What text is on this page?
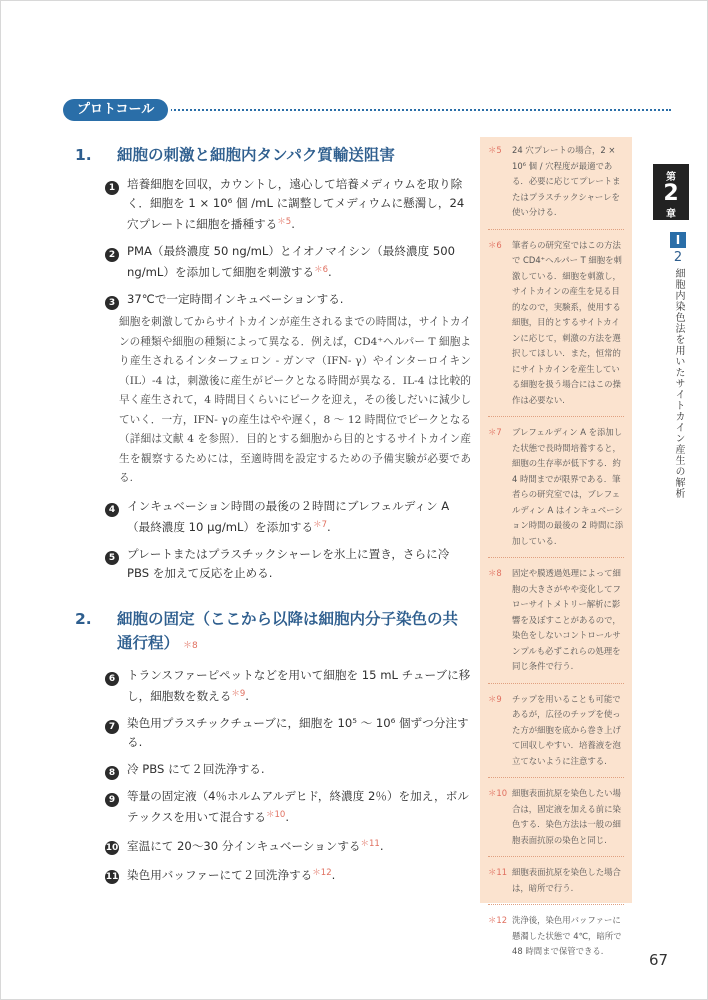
プロトコール
1.	細胞の刺激と細胞内タンパク質輸送阻害
1	培養細胞を回収，カウントし，遠心して培養メディウムを取り除く．細胞を 1 × 10⁶ 個 /mL に調整してメディウムに懸濁し，24 穴プレートに細胞を播種する$^{*5}$.
2	PMA（最終濃度 50 ng/mL）とイオノマイシン（最終濃度 500 ng/mL）を添加して細胞を刺激する$^{*6}$.
3	37℃で一定時間インキュベーションする.
細胞を刺激してからサイトカインが産生されるまでの時間は，サイトカインの種類や細胞の種類によって異なる．例えば，CD4⁺ヘルパー T 細胞より産生されるインターフェロン - ガンマ（IFN- γ）やインターロイキン（IL）-4 は，刺激後に産生がピークとなる時間が異なる．IL-4 は比較的早く産生されて，4 時間目くらいにピークを迎え，その後しだいに減少していく．一方，IFN- γの産生はやや遅く，8 ～ 12 時間位でピークとなる（詳細は文献 4 を参照）．目的とする細胞から目的とするサイトカイン産生を観察するためには，至適時間を設定するための予備実験が必要である.
4	インキュベーション時間の最後の２時間にブレフェルディン A（最終濃度 10 µg/mL）を添加する$^{*7}$.
5	プレートまたはプラスチックシャーレを氷上に置き，さらに冷 PBS を加えて反応を止める.
2.	細胞の固定（ここから以降は細胞内分子染色の共通行程） ＊8
6	トランスファーピペットなどを用いて細胞を 15 mL チューブに移し，細胞数を数える$^{*9}$.
7	染色用プラスチックチューブに，細胞を 10⁵ ～ 10⁶ 個ずつ分注する.
8	冷 PBS にて２回洗浄する.
9	等量の固定液（4％ホルムアルデヒド，終濃度 2％）を加え，ボルテックスを用いて混合する$^{*10}$.
10 室温にて 20～30 分インキュベーションする$^{*11}$.
11 染色用バッファーにて２回洗浄する$^{*12}$.
＊5	24 穴プレートの場合，2 × 10⁶ 個 / 穴程度が最適である．必要に応じてプレートまたはプラスチックシャーレを使い分ける.
＊6	筆者らの研究室ではこの方法で CD4⁺ヘルパー T 細胞を刺激している．細胞を刺激し，サイトカインの産生を見る目的なので，実験系，使用する細胞，目的とするサイトカインに応じて，刺激の方法を選択してほしい．また，恒常的にサイトカインを産生している細胞を扱う場合にはこの操作は必要ない.
＊7	ブレフェルディン A を添加した状態で長時間培養すると，細胞の生存率が低下する．約 4 時間までが限界である．筆者らの研究室では，ブレフェルディン A はインキュベーション時間の最後の 2 時間に添加している.
＊8	固定や膜透過処理によって細胞の大きさがやや変化してフローサイトメトリー解析に影響を及ぼすことがあるので，染色をしないコントロールサンプルも必ずこれらの処理を同じ条件で行う.
＊9	チップを用いることも可能であるが，広径のチップを使った方が細胞を底から巻き上げて回収しやすい．培養液を泡立てないように注意する.
＊10 細胞表面抗原を染色したい場合は，固定液を加える前に染色する．染色方法は一般の細胞表面抗原の染色と同じ.
＊11 細胞表面抗原を染色した場合は，暗所で行う.
＊12 洗浄後，染色用バッファーに懸濁した状態で 4℃，暗所で 48 時間まで保管できる.
第
2
章
I
2
細胞内染色法を用いたサイトカイン産生の解析
67
